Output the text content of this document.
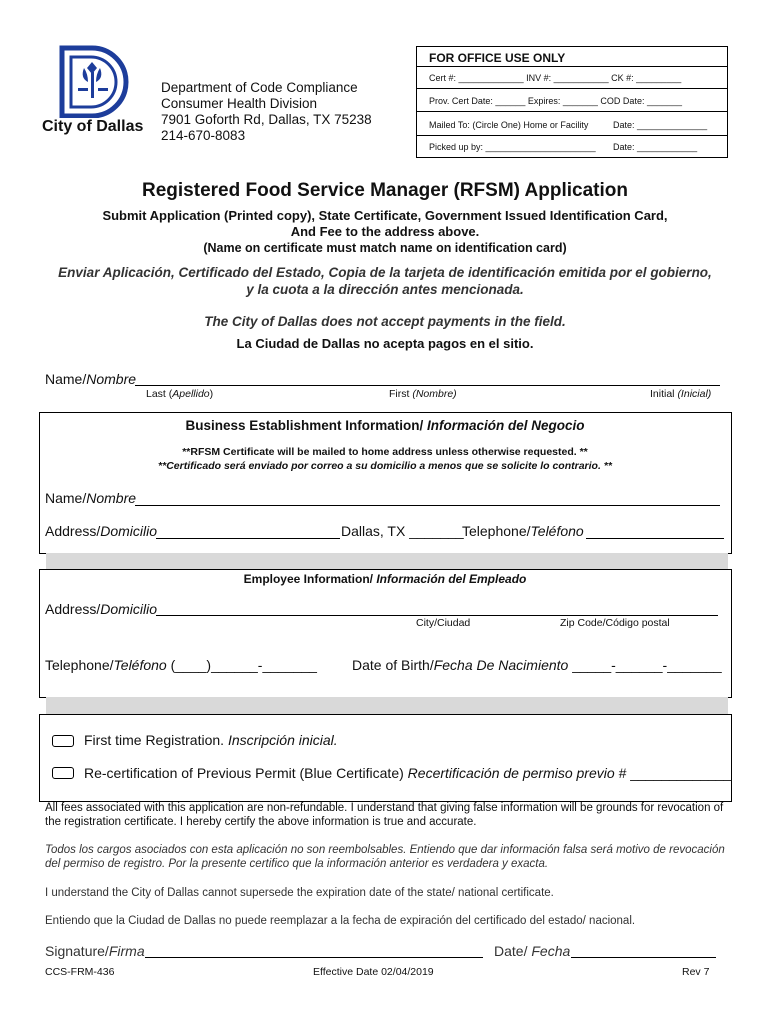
FOR OFFICE USE ONLY
Cert #: _____________ INV #: ___________ CK #: _________
Prov. Cert Date: ______ Expires: _______ COD Date: _______
Mailed To: (Circle One) Home or Facility	Date: ______________
Picked up by: ______________________ Date: ____________
City of Dallas
Department of Code Compliance
Consumer Health Division
7901 Goforth Rd, Dallas, TX 75238
214-670-8083
Registered Food Service Manager (RFSM) Application
Submit Application (Printed copy), State Certificate, Government Issued Identification Card,
And Fee to the address above.
(Name on certificate must match name on identification card)
Enviar Aplicación, Certificado del Estado, Copia de la tarjeta de identificación emitida por el gobierno,
y la cuota a la dirección antes mencionada.
The City of Dallas does not accept payments in the field.
La Ciudad de Dallas no acepta pagos en el sitio.
Name/Nombre
Last (Apellido)	First (Nombre)	Initial (Inicial)
Business Establishment Information/ Información del Negocio
**RFSM Certificate will be mailed to home address unless otherwise requested. **
**Certificado será enviado por correo a su domicilio a menos que se solicite lo contrario. **
Name/Nombre
Address/Domicilio	Dallas, TX _______
Telephone/Teléfono
Employee Information/ Información del Empleado
Address/Domicilio
City/Ciudad	Zip Code/Código postal
Telephone/Teléfono (____)______-_______	Date of Birth/Fecha De Nacimiento _____-______-_______
First time Registration. Inscripción inicial.
Re-certification of Previous Permit (Blue Certificate) Recertificación de permiso previo # _____________
All fees associated with this application are non-refundable. I understand that giving false information will be grounds for revocation of the registration certificate. I hereby certify the above information is true and accurate.
Todos los cargos asociados con esta aplicación no son reembolsables. Entiendo que dar información falsa será motivo de revocación del permiso de registro. Por la presente certifico que la información anterior es verdadera y exacta.
I understand the City of Dallas cannot supersede the expiration date of the state/ national certificate.
Entiendo que la Ciudad de Dallas no puede reemplazar a la fecha de expiración del certificado del estado/ nacional.
Signature/Firma	Date/ Fecha
CCS-FRM-436	Effective Date 02/04/2019	Rev 7
